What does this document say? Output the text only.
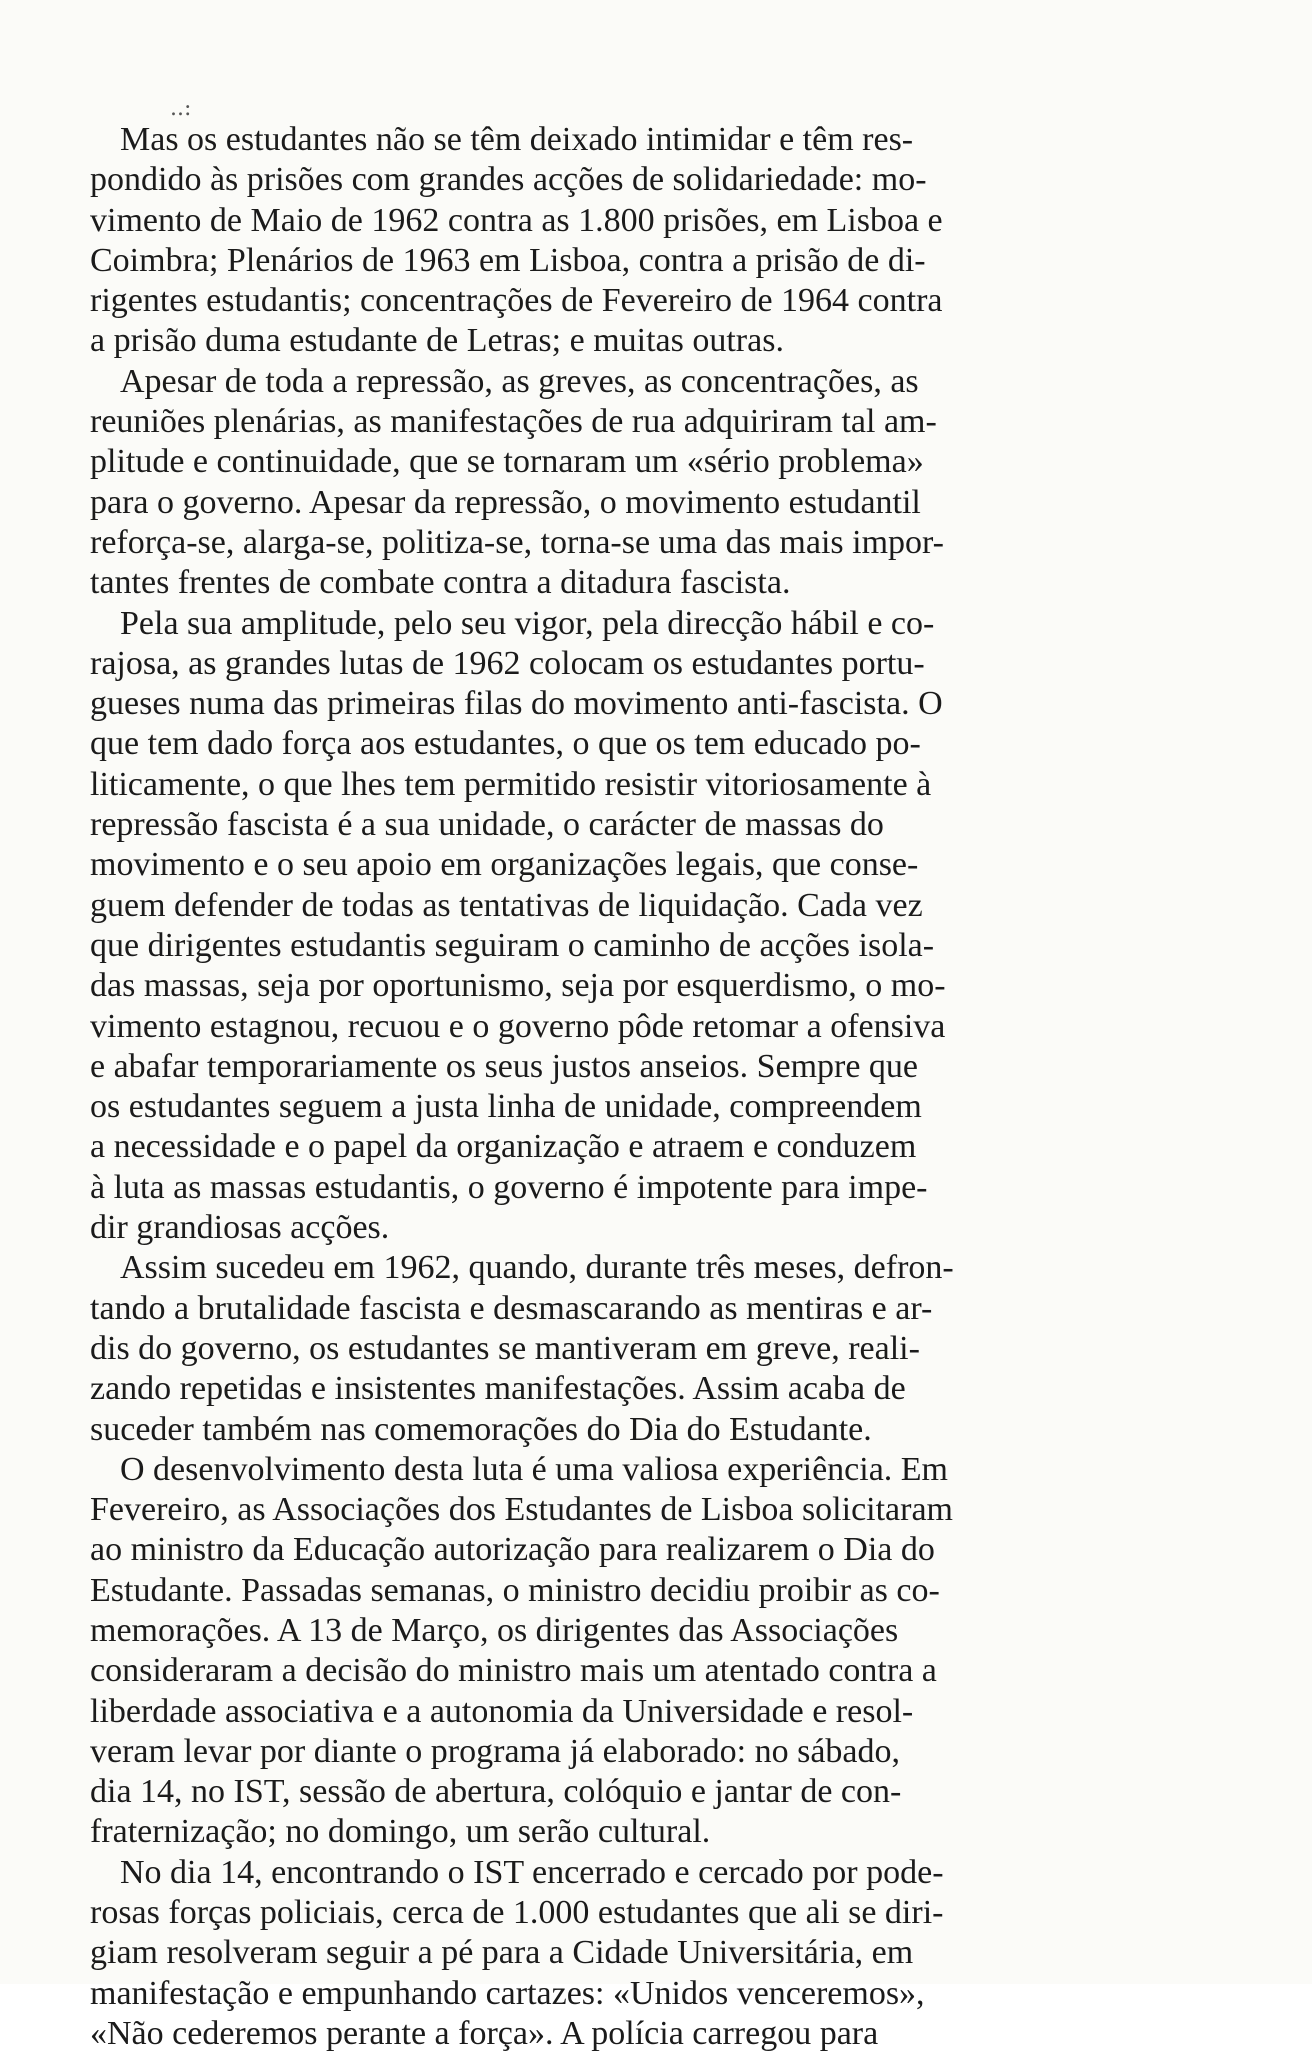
..:
Mas os estudantes não se têm deixado intimidar e têm res-
pondido às prisões com grandes acções de solidariedade: mo-
vimento de Maio de 1962 contra as 1.800 prisões, em Lisboa e
Coimbra; Plenários de 1963 em Lisboa, contra a prisão de di-
rigentes estudantis; concentrações de Fevereiro de 1964 contra
a prisão duma estudante de Letras; e muitas outras.
Apesar de toda a repressão, as greves, as concentrações, as
reuniões plenárias, as manifestações de rua adquiriram tal am-
plitude e continuidade, que se tornaram um «sério problema»
para o governo. Apesar da repressão, o movimento estudantil
reforça-se, alarga-se, politiza-se, torna-se uma das mais impor-
tantes frentes de combate contra a ditadura fascista.
Pela sua amplitude, pelo seu vigor, pela direcção hábil e co-
rajosa, as grandes lutas de 1962 colocam os estudantes portu-
gueses numa das primeiras filas do movimento anti-fascista. O
que tem dado força aos estudantes, o que os tem educado po-
liticamente, o que lhes tem permitido resistir vitoriosamente à
repressão fascista é a sua unidade, o carácter de massas do
movimento e o seu apoio em organizações legais, que conse-
guem defender de todas as tentativas de liquidação. Cada vez
que dirigentes estudantis seguiram o caminho de acções isola-
das massas, seja por oportunismo, seja por esquerdismo, o mo-
vimento estagnou, recuou e o governo pôde retomar a ofensiva
e abafar temporariamente os seus justos anseios. Sempre que
os estudantes seguem a justa linha de unidade, compreendem
a necessidade e o papel da organização e atraem e conduzem
à luta as massas estudantis, o governo é impotente para impe-
dir grandiosas acções.
Assim sucedeu em 1962, quando, durante três meses, defron-
tando a brutalidade fascista e desmascarando as mentiras e ar-
dis do governo, os estudantes se mantiveram em greve, reali-
zando repetidas e insistentes manifestações. Assim acaba de
suceder também nas comemorações do Dia do Estudante.
O desenvolvimento desta luta é uma valiosa experiência. Em
Fevereiro, as Associações dos Estudantes de Lisboa solicitaram
ao ministro da Educação autorização para realizarem o Dia do
Estudante. Passadas semanas, o ministro decidiu proibir as co-
memorações. A 13 de Março, os dirigentes das Associações
consideraram a decisão do ministro mais um atentado contra a
liberdade associativa e a autonomia da Universidade e resol-
veram levar por diante o programa já elaborado: no sábado,
dia 14, no IST, sessão de abertura, colóquio e jantar de con-
fraternização; no domingo, um serão cultural.
No dia 14, encontrando o IST encerrado e cercado por pode-
rosas forças policiais, cerca de 1.000 estudantes que ali se diri-
giam resolveram seguir a pé para a Cidade Universitária, em
manifestação e empunhando cartazes: «Unidos venceremos»,
«Não cederemos perante a força». A polícia carregou para
